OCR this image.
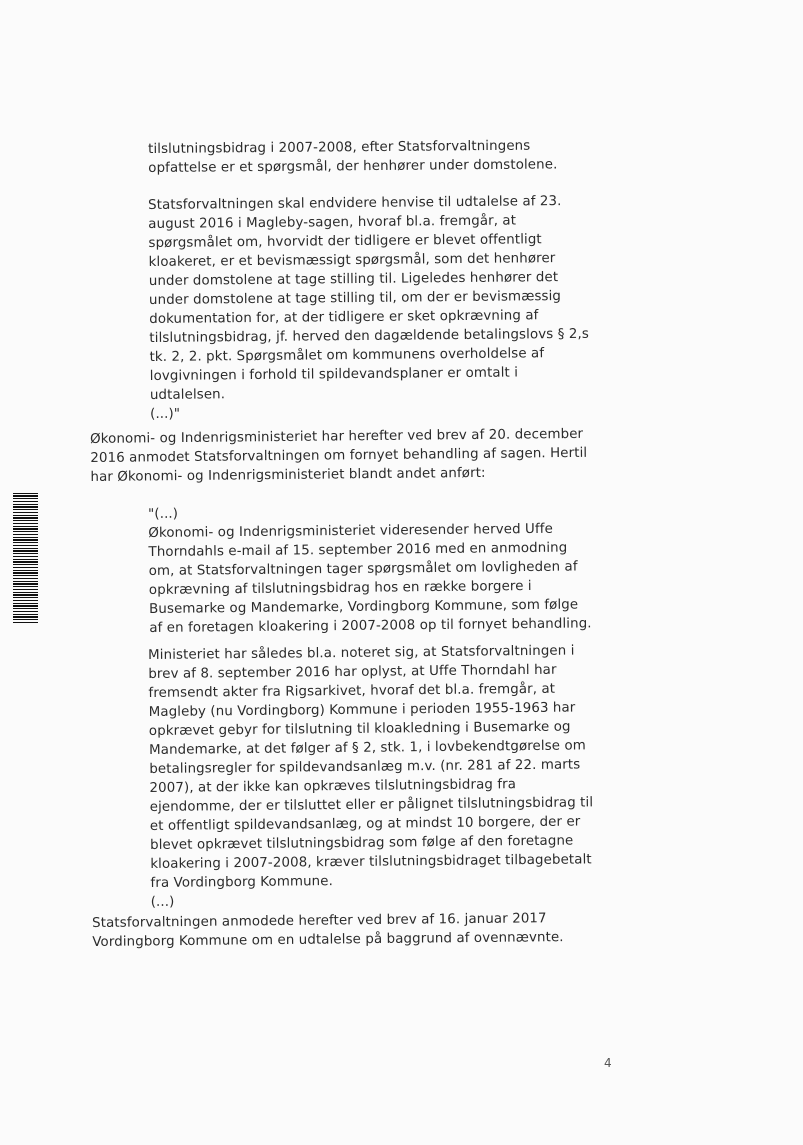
tilslutningsbidrag i 2007-2008, efter Statsforvaltningens
opfattelse er et spørgsmål, der henhører under domstolene.
Statsforvaltningen skal endvidere henvise til udtalelse af 23.
august 2016 i Magleby-sagen, hvoraf bl.a. fremgår, at
spørgsmålet om, hvorvidt der tidligere er blevet offentligt
kloakeret, er et bevismæssigt spørgsmål, som det henhører
under domstolene at tage stilling til. Ligeledes henhører det
under domstolene at tage stilling til, om der er bevismæssig
dokumentation for, at der tidligere er sket opkrævning af
tilslutningsbidrag, jf. herved den dagældende betalingslovs § 2,s
tk. 2, 2. pkt. Spørgsmålet om kommunens overholdelse af
lovgivningen i forhold til spildevandsplaner er omtalt i
udtalelsen.
(...)"
Økonomi- og Indenrigsministeriet har herefter ved brev af 20. december
2016 anmodet Statsforvaltningen om fornyet behandling af sagen. Hertil
har Økonomi- og Indenrigsministeriet blandt andet anført:
"(...)
Økonomi- og Indenrigsministeriet videresender herved Uffe
Thorndahls e-mail af 15. september 2016 med en anmodning
om, at Statsforvaltningen tager spørgsmålet om lovligheden af
opkrævning af tilslutningsbidrag hos en række borgere i
Busemarke og Mandemarke, Vordingborg Kommune, som følge
af en foretagen kloakering i 2007-2008 op til fornyet behandling.
Ministeriet har således bl.a. noteret sig, at Statsforvaltningen i
brev af 8. september 2016 har oplyst, at Uffe Thorndahl har
fremsendt akter fra Rigsarkivet, hvoraf det bl.a. fremgår, at
Magleby (nu Vordingborg) Kommune i perioden 1955-1963 har
opkrævet gebyr for tilslutning til kloakledning i Busemarke og
Mandemarke, at det følger af § 2, stk. 1, i lovbekendtgørelse om
betalingsregler for spildevandsanlæg m.v. (nr. 281 af 22. marts
2007), at der ikke kan opkræves tilslutningsbidrag fra
ejendomme, der er tilsluttet eller er pålignet tilslutningsbidrag til
et offentligt spildevandsanlæg, og at mindst 10 borgere, der er
blevet opkrævet tilslutningsbidrag som følge af den foretagne
kloakering i 2007-2008, kræver tilslutningsbidraget tilbagebetalt
fra Vordingborg Kommune.
(...)
Statsforvaltningen anmodede herefter ved brev af 16. januar 2017
Vordingborg Kommune om en udtalelse på baggrund af ovennævnte.
4
